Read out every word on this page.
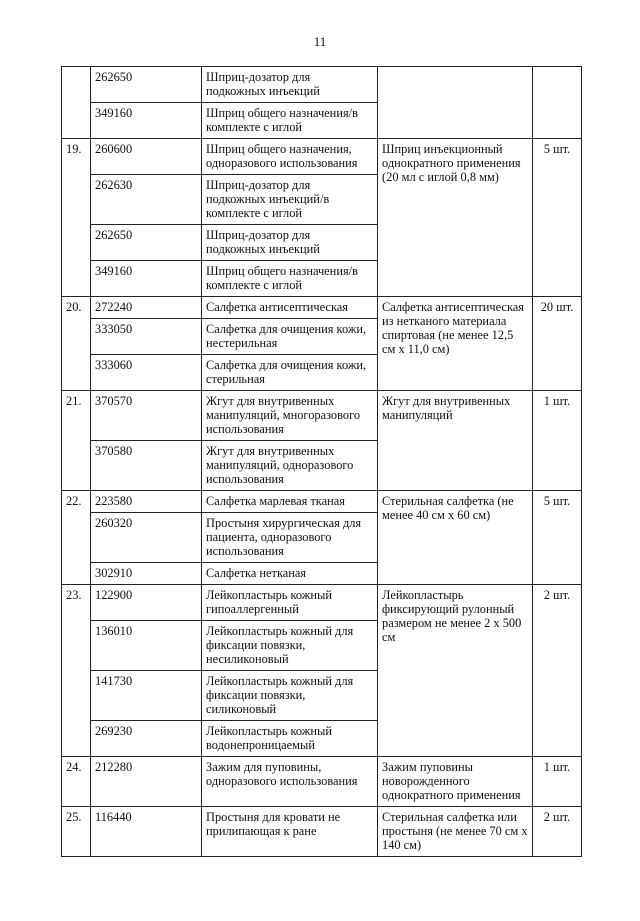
11
	262650	Шприц-дозатор для подкожных инъекций		
	349160	Шприц общего назначения/в комплекте с иглой		
19.	260600	Шприц общего назначения, одноразового использования	Шприц инъекционный однократного применения (20 мл с иглой 0,8 мм)	5 шт.
	262630	Шприц-дозатор для подкожных инъекций/в комплекте с иглой		
	262650	Шприц-дозатор для подкожных инъекций		
	349160	Шприц общего назначения/в комплекте с иглой		
20.	272240	Салфетка антисептическая	Салфетка антисептическая из нетканого материала спиртовая (не менее 12,5 см х 11,0 см)	20 шт.
	333050	Салфетка для очищения кожи, нестерильная		
	333060	Салфетка для очищения кожи, стерильная		
21.	370570	Жгут для внутривенных манипуляций, многоразового использования	Жгут для внутривенных манипуляций	1 шт.
	370580	Жгут для внутривенных манипуляций, одноразового использования		
22.	223580	Салфетка марлевая тканая	Стерильная салфетка (не менее 40 см х 60 см)	5 шт.
	260320	Простыня хирургическая для пациента, одноразового использования		
	302910	Салфетка нетканая		
23.	122900	Лейкопластырь кожный гипоаллергенный	Лейкопластырь фиксирующий рулонный размером не менее 2 х 500 см	2 шт.
	136010	Лейкопластырь кожный для фиксации повязки, несиликоновый		
	141730	Лейкопластырь кожный для фиксации повязки, силиконовый		
	269230	Лейкопластырь кожный водонепроницаемый		
24.	212280	Зажим для пуповины, одноразового использования	Зажим пуповины новорожденного однократного применения	1 шт.
25.	116440	Простыня для кровати не прилипающая к ране	Стерильная салфетка или простыня (не менее 70 см х 140 см)	2 шт.
